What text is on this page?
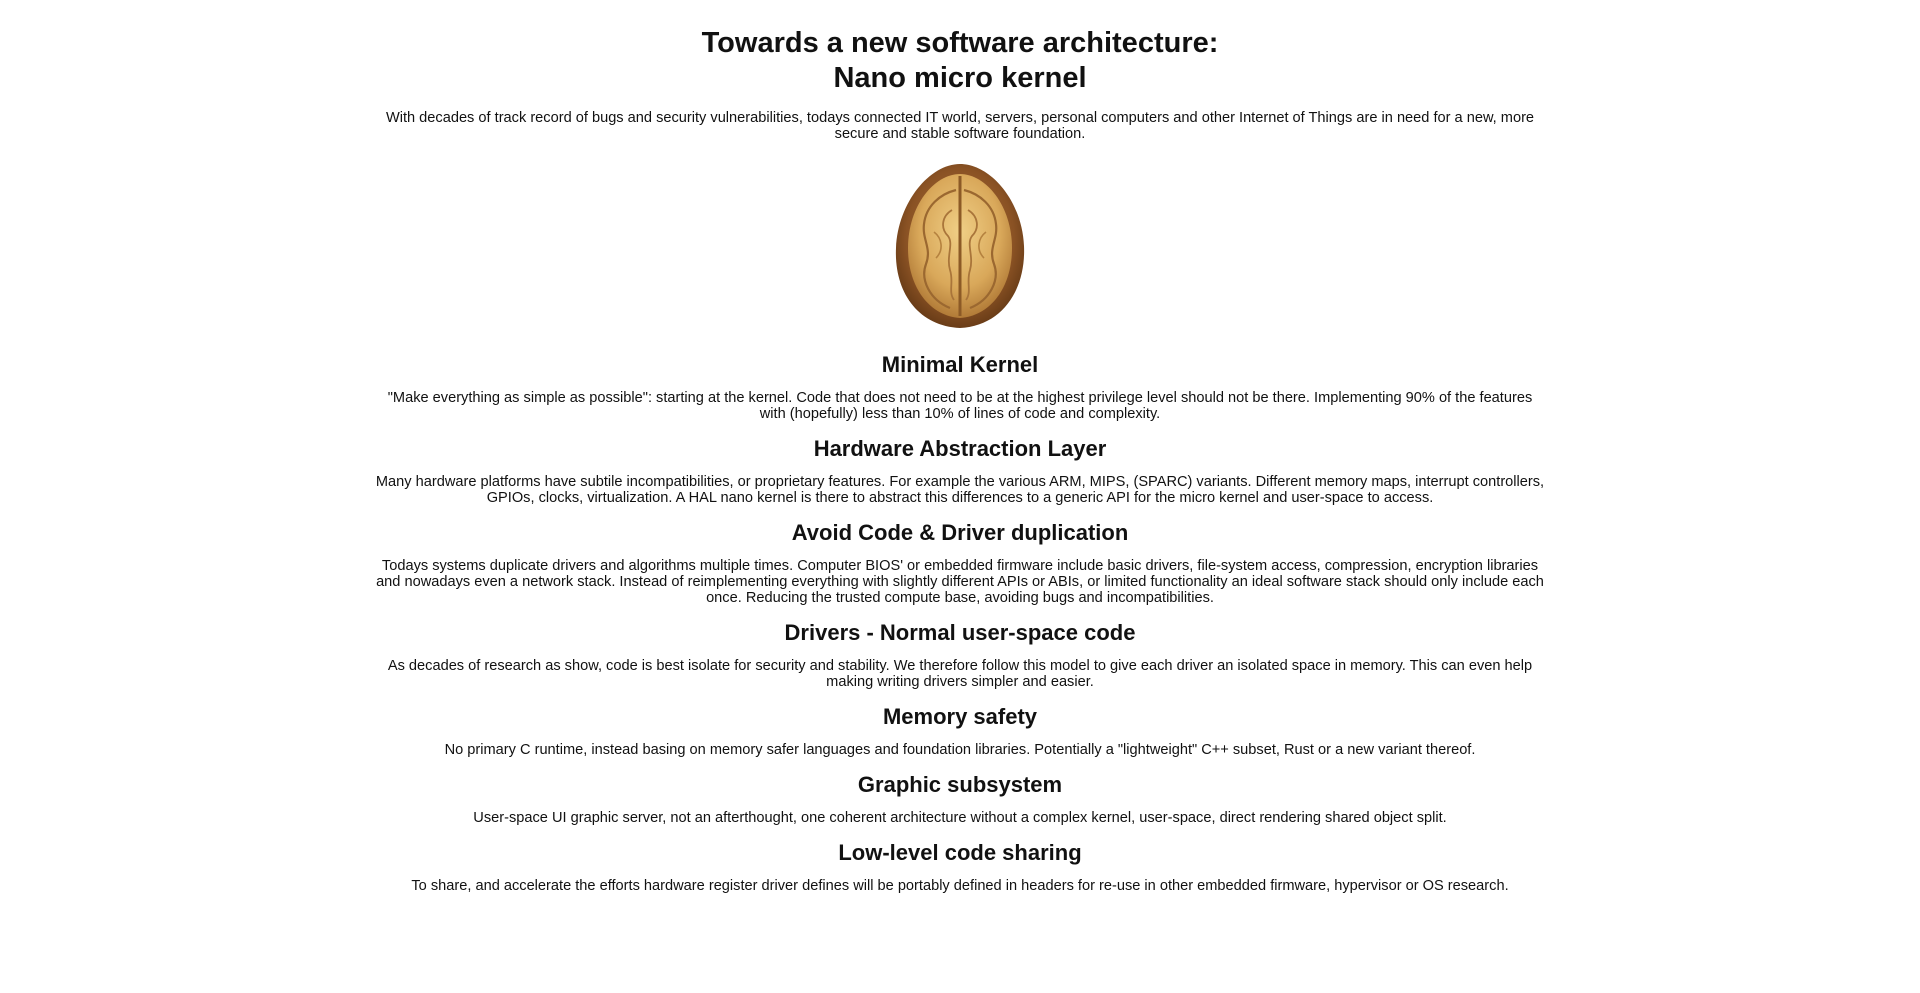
Towards a new software architecture:
Nano micro kernel

With decades of track record of bugs and security vulnerabilities, todays connected IT world, servers, personal computers and other Internet of Things are in need for a new, more secure and stable software foundation.

Minimal Kernel

"Make everything as simple as possible": starting at the kernel. Code that does not need to be at the highest privilege level should not be there. Implementing 90% of the features with (hopefully) less than 10% of lines of code and complexity.

Hardware Abstraction Layer

Many hardware platforms have subtile incompatibilities, or proprietary features. For example the various ARM, MIPS, (SPARC) variants. Different memory maps, interrupt controllers, GPIOs, clocks, virtualization. A HAL nano kernel is there to abstract this differences to a generic API for the micro kernel and user-space to access.

Avoid Code & Driver duplication

Todays systems duplicate drivers and algorithms multiple times. Computer BIOS' or embedded firmware include basic drivers, file-system access, compression, encryption libraries and nowadays even a network stack. Instead of reimplementing everything with slightly different APIs or ABIs, or limited functionality an ideal software stack should only include each once. Reducing the trusted compute base, avoiding bugs and incompatibilities.

Drivers - Normal user-space code

As decades of research as show, code is best isolate for security and stability. We therefore follow this model to give each driver an isolated space in memory. This can even help making writing drivers simpler and easier.

Memory safety

No primary C runtime, instead basing on memory safer languages and foundation libraries. Potentially a "lightweight" C++ subset, Rust or a new variant thereof.

Graphic subsystem

User-space UI graphic server, not an afterthought, one coherent architecture without a complex kernel, user-space, direct rendering shared object split.

Low-level code sharing

To share, and accelerate the efforts hardware register driver defines will be portably defined in headers for re-use in other embedded firmware, hypervisor or OS research.
